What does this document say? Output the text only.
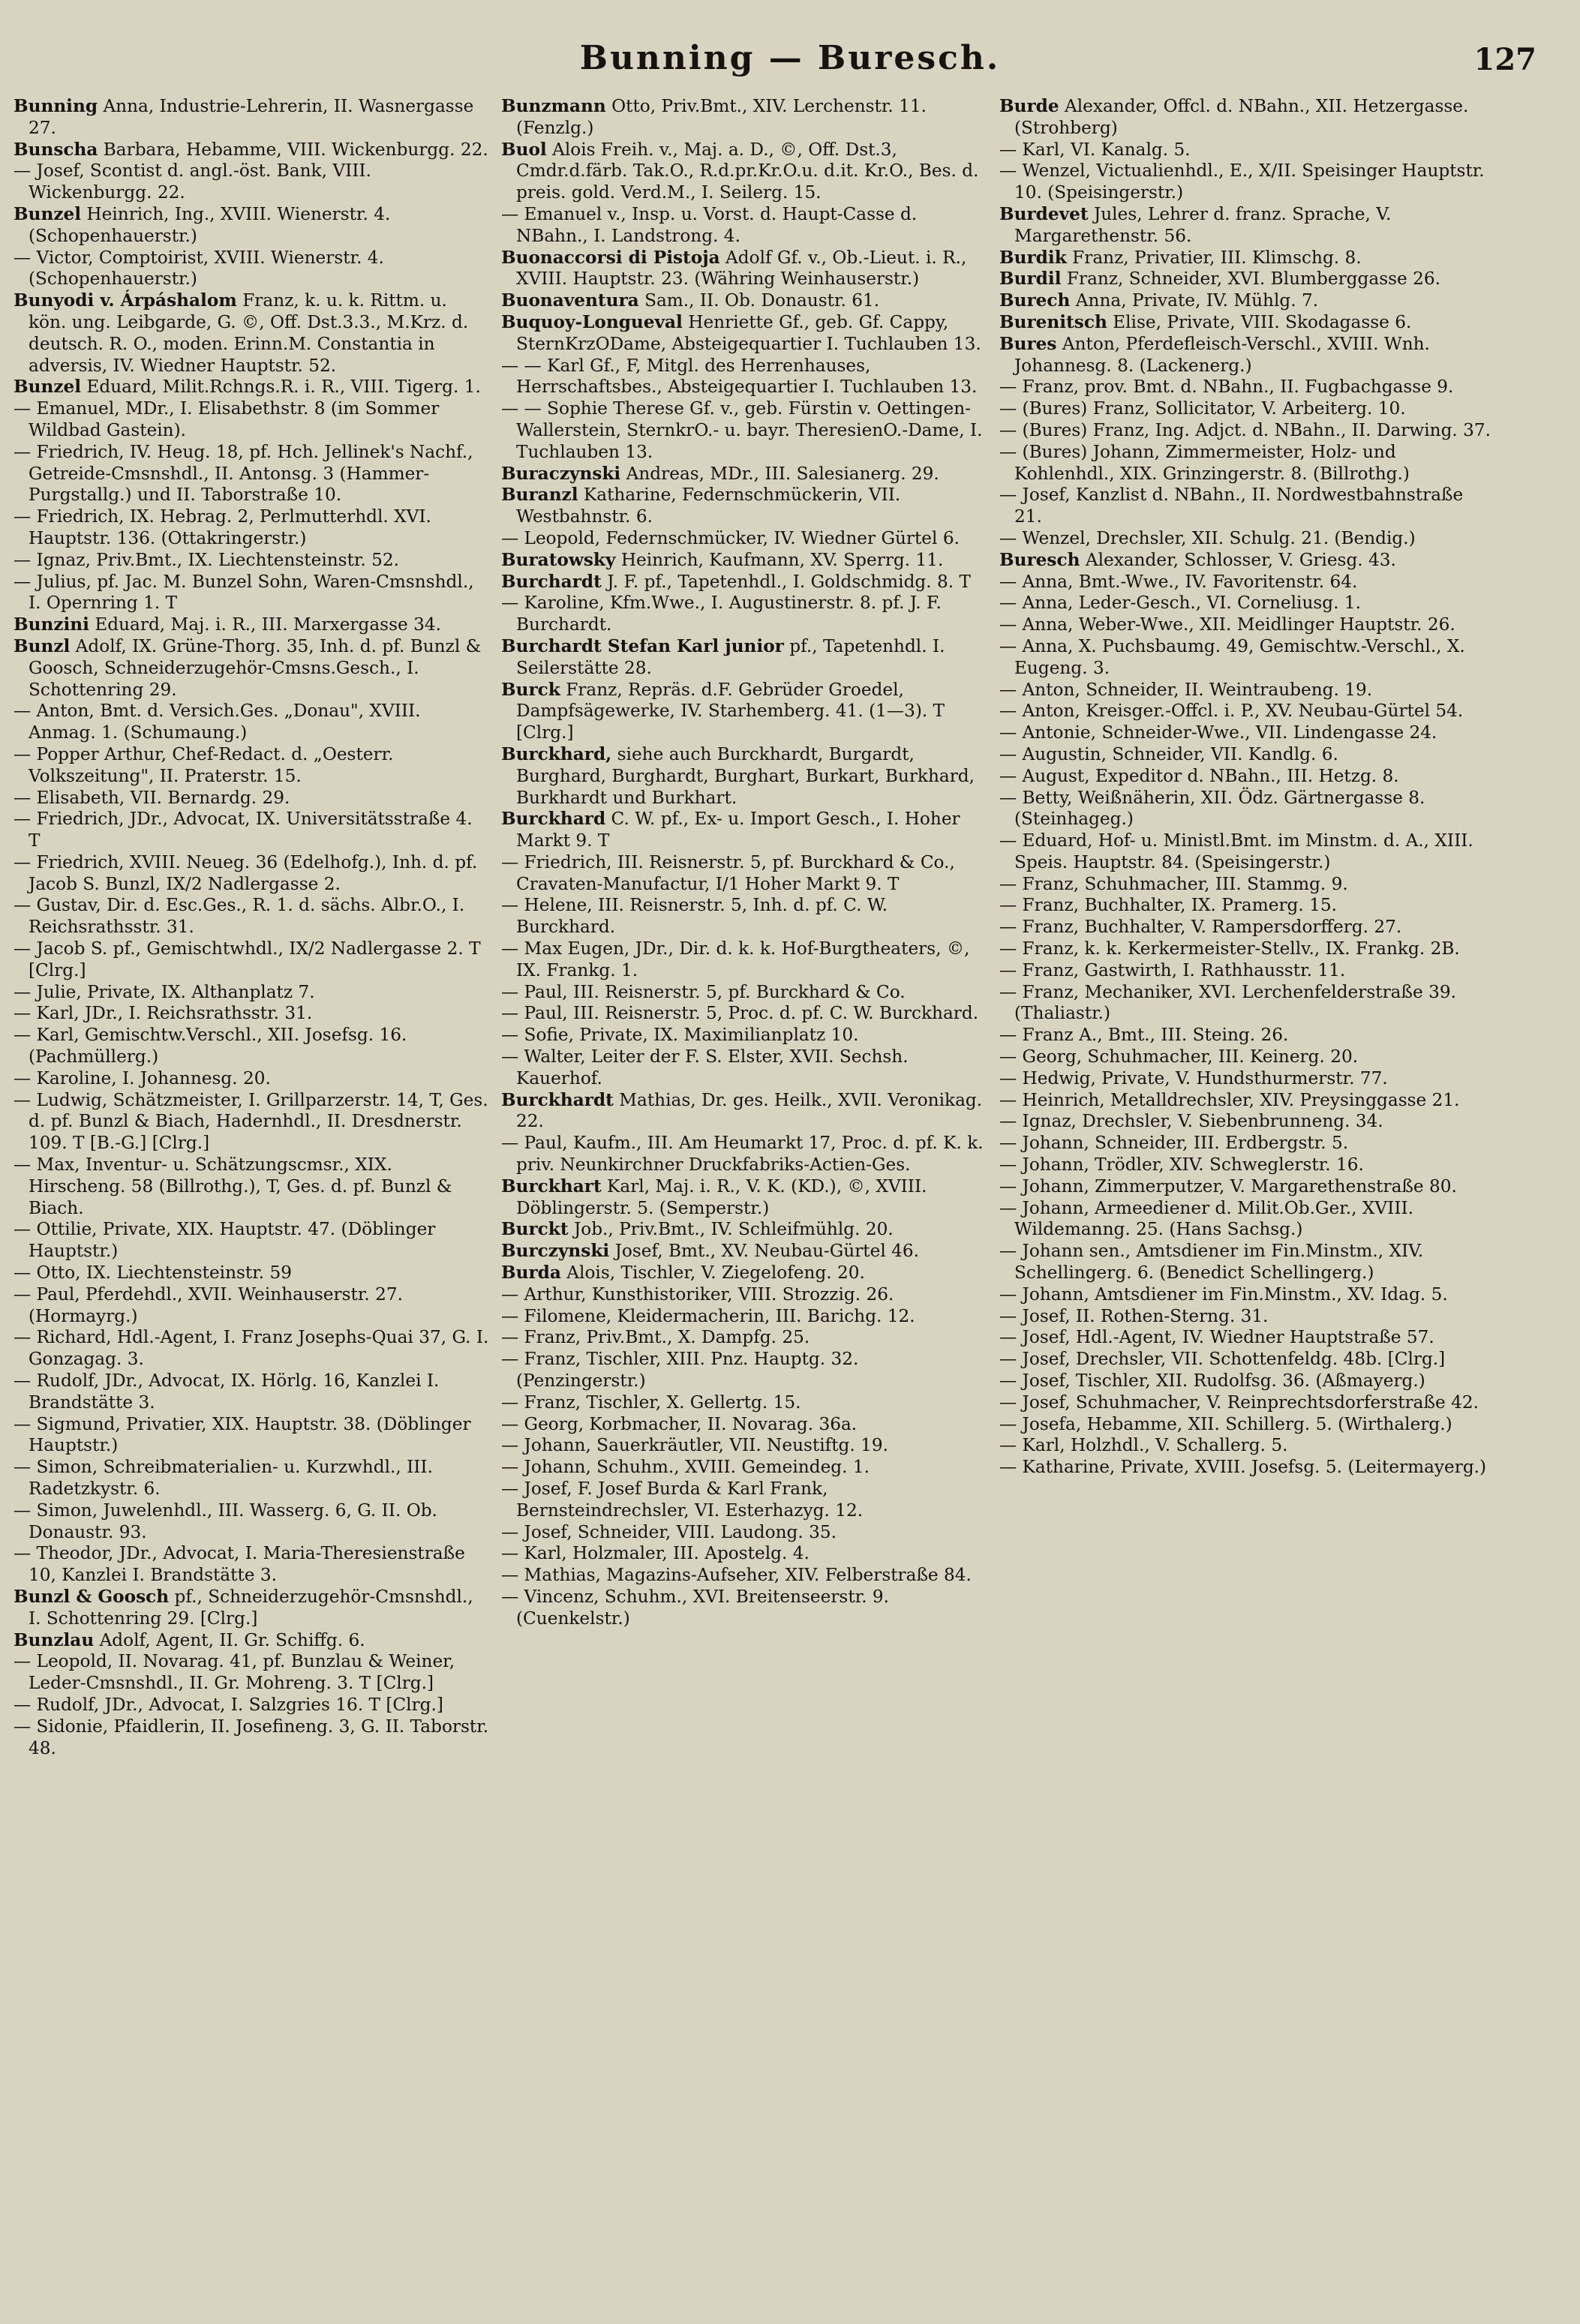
Bunning — Buresch.	127

Bunning Anna, Industrie-Lehrerin, II. Wasnergasse 27.

Bunscha Barbara, Hebamme, VIII. Wickenburgg. 22.

— Josef, Scontist d. angl.-öst. Bank, VIII. Wickenburgg. 22.

Bunzel Heinrich, Ing., XVIII. Wienerstr. 4. (Schopenhauerstr.)

— Victor, Comptoirist, XVIII. Wienerstr. 4. (Schopenhauerstr.)

Bunyodi v. Árpáshalom Franz, k. u. k. Rittm. u. kön. ung. Leibgarde, G. ©, Off. Dst.3.3., M.Krz. d. deutsch. R. O., moden. Erinn.M. Constantia in adversis, IV. Wiedner Hauptstr. 52.

Bunzel Eduard, Milit.Rchngs.R. i. R., VIII. Tigerg. 1.

— Emanuel, MDr., I. Elisabethstr. 8 (im Sommer Wildbad Gastein).

— Friedrich, IV. Heug. 18, pf. Hch. Jellinek's Nachf., Getreide-Cmsnshdl., II. Antonsg. 3 (Hammer-Purgstallg.) und II. Taborstraße 10.

— Friedrich, IX. Hebrag. 2, Perlmutterhdl. XVI. Hauptstr. 136. (Ottakringerstr.)

— Ignaz, Priv.Bmt., IX. Liechtensteinstr. 52.

— Julius, pf. Jac. M. Bunzel Sohn, Waren-Cmsnshdl., I. Opernring 1. T

Bunzini Eduard, Maj. i. R., III. Marxergasse 34.

Bunzl Adolf, IX. Grüne-Thorg. 35, Inh. d. pf. Bunzl & Goosch, Schneiderzugehör-Cmsns.Gesch., I. Schottenring 29.

— Anton, Bmt. d. Versich.Ges. „Donau", XVIII. Anmag. 1. (Schumaung.)

— Popper Arthur, Chef-Redact. d. „Oesterr. Volkszeitung", II. Praterstr. 15.

— Elisabeth, VII. Bernardg. 29.

— Friedrich, JDr., Advocat, IX. Universitätsstraße 4. T

— Friedrich, XVIII. Neueg. 36 (Edelhofg.), Inh. d. pf. Jacob S. Bunzl, IX/2 Nadlergasse 2.

— Gustav, Dir. d. Esc.Ges., R. 1. d. sächs. Albr.O., I. Reichsrathsstr. 31.

— Jacob S. pf., Gemischtwhdl., IX/2 Nadlergasse 2. T [Clrg.]

— Julie, Private, IX. Althanplatz 7.

— Karl, JDr., I. Reichsrathsstr. 31.

— Karl, Gemischtw.Verschl., XII. Josefsg. 16. (Pachmüllerg.)

— Karoline, I. Johannesg. 20.

— Ludwig, Schätzmeister, I. Grillparzerstr. 14, T, Ges. d. pf. Bunzl & Biach, Hadernhdl., II. Dresdnerstr. 109. T [B.-G.] [Clrg.]

— Max, Inventur- u. Schätzungscmsr., XIX. Hirscheng. 58 (Billrothg.), T, Ges. d. pf. Bunzl & Biach.

— Ottilie, Private, XIX. Hauptstr. 47. (Döblinger Hauptstr.)

— Otto, IX. Liechtensteinstr. 59

— Paul, Pferdehdl., XVII. Weinhauserstr. 27. (Hormayrg.)

— Richard, Hdl.-Agent, I. Franz Josephs-Quai 37, G. I. Gonzagag. 3.

— Rudolf, JDr., Advocat, IX. Hörlg. 16, Kanzlei I. Brandstätte 3.

— Sigmund, Privatier, XIX. Hauptstr. 38. (Döblinger Hauptstr.)

— Simon, Schreibmaterialien- u. Kurzwhdl., III. Radetzkystr. 6.

— Simon, Juwelenhdl., III. Wasserg. 6, G. II. Ob. Donaustr. 93.

— Theodor, JDr., Advocat, I. Maria-Theresienstraße 10, Kanzlei I. Brandstätte 3.

Bunzl & Goosch pf., Schneiderzugehör-Cmsnshdl., I. Schottenring 29. [Clrg.]

Bunzlau Adolf, Agent, II. Gr. Schiffg. 6.

— Leopold, II. Novarag. 41, pf. Bunzlau & Weiner, Leder-Cmsnshdl., II. Gr. Mohreng. 3. T [Clrg.]

— Rudolf, JDr., Advocat, I. Salzgries 16. T [Clrg.]

— Sidonie, Pfaidlerin, II. Josefineng. 3, G. II. Taborstr. 48.

Bunzmann Otto, Priv.Bmt., XIV. Lerchenstr. 11. (Fenzlg.)

Buol Alois Freih. v., Maj. a. D., ©, Off. Dst.3, Cmdr.d.färb. Tak.O., R.d.pr.Kr.O.u. d.it. Kr.O., Bes. d. preis. gold. Verd.M., I. Seilerg. 15.

— Emanuel v., Insp. u. Vorst. d. Haupt-Casse d. NBahn., I. Landstrong. 4.

Buonaccorsi di Pistoja Adolf Gf. v., Ob.-Lieut. i. R., XVIII. Hauptstr. 23. (Währing Weinhauserstr.)

Buonaventura Sam., II. Ob. Donaustr. 61.

Buquoy-Longueval Henriette Gf., geb. Gf. Cappy, SternKrzODame, Absteigequartier I. Tuchlauben 13.

— — Karl Gf., F, Mitgl. des Herrenhauses, Herrschaftsbes., Absteigequartier I. Tuchlauben 13.

— — Sophie Therese Gf. v., geb. Fürstin v. Oettingen-Wallerstein, SternkrO.- u. bayr. TheresienO.-Dame, I. Tuchlauben 13.

Buraczynski Andreas, MDr., III. Salesianerg. 29.

Buranzl Katharine, Federnschmückerin, VII. Westbahnstr. 6.

— Leopold, Federnschmücker, IV. Wiedner Gürtel 6.

Buratowsky Heinrich, Kaufmann, XV. Sperrg. 11.

Burchardt J. F. pf., Tapetenhdl., I. Goldschmidg. 8. T

— Karoline, Kfm.Wwe., I. Augustinerstr. 8. pf. J. F. Burchardt.

Burchardt Stefan Karl junior pf., Tapetenhdl. I. Seilerstätte 28.

Burck Franz, Repräs. d.F. Gebrüder Groedel, Dampfsägewerke, IV. Starhemberg. 41. (1—3). T [Clrg.]

Burckhard, siehe auch Burckhardt, Burgardt, Burghard, Burghardt, Burghart, Burkart, Burkhard, Burkhardt und Burkhart.

Burckhard C. W. pf., Ex- u. Import Gesch., I. Hoher Markt 9. T

— Friedrich, III. Reisnerstr. 5, pf. Burckhard & Co., Cravaten-Manufactur, I/1 Hoher Markt 9. T

— Helene, III. Reisnerstr. 5, Inh. d. pf. C. W. Burckhard.

— Max Eugen, JDr., Dir. d. k. k. Hof-Burgtheaters, ©, IX. Frankg. 1.

— Paul, III. Reisnerstr. 5, pf. Burckhard & Co.

— Paul, III. Reisnerstr. 5, Proc. d. pf. C. W. Burckhard.

— Sofie, Private, IX. Maximilianplatz 10.

— Walter, Leiter der F. S. Elster, XVII. Sechsh. Kauerhof.

Burckhardt Mathias, Dr. ges. Heilk., XVII. Veronikag. 22.

— Paul, Kaufm., III. Am Heumarkt 17, Proc. d. pf. K. k. priv. Neunkirchner Druckfabriks-Actien-Ges.

Burckhart Karl, Maj. i. R., V. K. (KD.), ©, XVIII. Döblingerstr. 5. (Semperstr.)

Burckt Job., Priv.Bmt., IV. Schleifmühlg. 20.

Burczynski Josef, Bmt., XV. Neubau-Gürtel 46.

Burda Alois, Tischler, V. Ziegelofeng. 20.

— Arthur, Kunsthistoriker, VIII. Strozzig. 26.

— Filomene, Kleidermacherin, III. Barichg. 12.

— Franz, Priv.Bmt., X. Dampfg. 25.

— Franz, Tischler, XIII. Pnz. Hauptg. 32. (Penzingerstr.)

— Franz, Tischler, X. Gellertg. 15.

— Georg, Korbmacher, II. Novarag. 36a.

— Johann, Sauerkräutler, VII. Neustiftg. 19.

— Johann, Schuhm., XVIII. Gemeindeg. 1.

— Josef, F. Josef Burda & Karl Frank, Bernsteindrechsler, VI. Esterhazyg. 12.

— Josef, Schneider, VIII. Laudong. 35.

— Karl, Holzmaler, III. Apostelg. 4.

— Mathias, Magazins-Aufseher, XIV. Felberstraße 84.

— Vincenz, Schuhm., XVI. Breitenseerstr. 9. (Cuenkelstr.)

Burde Alexander, Offcl. d. NBahn., XII. Hetzergasse. (Strohberg)

— Karl, VI. Kanalg. 5.

— Wenzel, Victualienhdl., E., X/II. Speisinger Hauptstr. 10. (Speisingerstr.)

Burdevet Jules, Lehrer d. franz. Sprache, V. Margarethenstr. 56.

Burdik Franz, Privatier, III. Klimschg. 8.

Burdil Franz, Schneider, XVI. Blumberggasse 26.

Burech Anna, Private, IV. Mühlg. 7.

Burenitsch Elise, Private, VIII. Skodagasse 6.

Bures Anton, Pferdefleisch-Verschl., XVIII. Wnh. Johannesg. 8. (Lackenerg.)

— Franz, prov. Bmt. d. NBahn., II. Fugbachgasse 9.

— (Bures) Franz, Sollicitator, V. Arbeiterg. 10.

— (Bures) Franz, Ing. Adjct. d. NBahn., II. Darwing. 37.

— (Bures) Johann, Zimmermeister, Holz- und Kohlenhdl., XIX. Grinzingerstr. 8. (Billrothg.)

— Josef, Kanzlist d. NBahn., II. Nordwestbahnstraße 21.

— Wenzel, Drechsler, XII. Schulg. 21. (Bendig.)

Buresch Alexander, Schlosser, V. Griesg. 43.

— Anna, Bmt.-Wwe., IV. Favoritenstr. 64.

— Anna, Leder-Gesch., VI. Corneliusg. 1.

— Anna, Weber-Wwe., XII. Meidlinger Hauptstr. 26.

— Anna, X. Puchsbaumg. 49, Gemischtw.-Verschl., X. Eugeng. 3.

— Anton, Schneider, II. Weintraubeng. 19.

— Anton, Kreisger.-Offcl. i. P., XV. Neubau-Gürtel 54.

— Antonie, Schneider-Wwe., VII. Lindengasse 24.

— Augustin, Schneider, VII. Kandlg. 6.

— August, Expeditor d. NBahn., III. Hetzg. 8.

— Betty, Weißnäherin, XII. Ödz. Gärtnergasse 8. (Steinhageg.)

— Eduard, Hof- u. Ministl.Bmt. im Minstm. d. A., XIII. Speis. Hauptstr. 84. (Speisingerstr.)

— Franz, Schuhmacher, III. Stammg. 9.

— Franz, Buchhalter, IX. Pramerg. 15.

— Franz, Buchhalter, V. Rampersdorfferg. 27.

— Franz, k. k. Kerkermeister-Stellv., IX. Frankg. 2B.

— Franz, Gastwirth, I. Rathhausstr. 11.

— Franz, Mechaniker, XVI. Lerchenfelderstraße 39. (Thaliastr.)

— Franz A., Bmt., III. Steing. 26.

— Georg, Schuhmacher, III. Keinerg. 20.

— Hedwig, Private, V. Hundsthurmerstr. 77.

— Heinrich, Metalldrechsler, XIV. Preysinggasse 21.

— Ignaz, Drechsler, V. Siebenbrunneng. 34.

— Johann, Schneider, III. Erdbergstr. 5.

— Johann, Trödler, XIV. Schweglerstr. 16.

— Johann, Zimmerputzer, V. Margarethenstraße 80.

— Johann, Armeediener d. Milit.Ob.Ger., XVIII. Wildemanng. 25. (Hans Sachsg.)

— Johann sen., Amtsdiener im Fin.Minstm., XIV. Schellingerg. 6. (Benedict Schellingerg.)

— Johann, Amtsdiener im Fin.Minstm., XV. Idag. 5.

— Josef, II. Rothen-Sterng. 31.

— Josef, Hdl.-Agent, IV. Wiedner Hauptstraße 57.

— Josef, Drechsler, VII. Schottenfeldg. 48b. [Clrg.]

— Josef, Tischler, XII. Rudolfsg. 36. (Aßmayerg.)

— Josef, Schuhmacher, V. Reinprechtsdorferstraße 42.

— Josefa, Hebamme, XII. Schillerg. 5. (Wirthalerg.)

— Karl, Holzhdl., V. Schallerg. 5.

— Katharine, Private, XVIII. Josefsg. 5. (Leitermayerg.)
